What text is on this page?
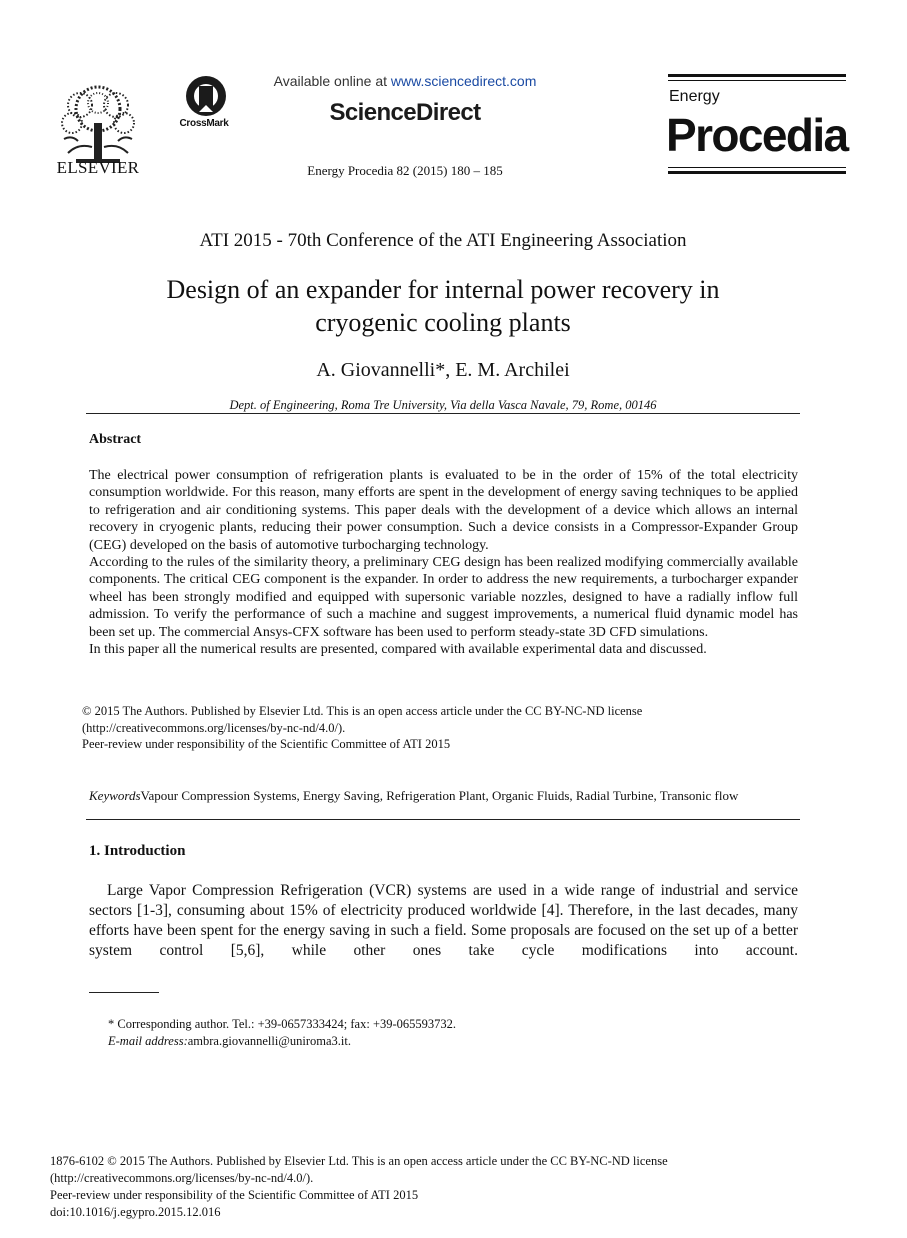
ELSEVIER
CrossMark
Available online at www.sciencedirect.com
ScienceDirect
Energy Procedia 82 (2015) 180 – 185
Energy
Procedia
ATI 2015 - 70th Conference of the ATI Engineering Association
Design of an expander for internal power recovery in
cryogenic cooling plants
A. Giovannelli*, E. M. Archilei
Dept. of Engineering, Roma Tre University, Via della Vasca Navale, 79, Rome, 00146
Abstract

The electrical power consumption of refrigeration plants is evaluated to be in the order of 15% of the total electricity consumption worldwide. For this reason, many efforts are spent in the development of energy saving techniques to be applied to refrigeration and air conditioning systems. This paper deals with the development of a device which allows an internal recovery in cryogenic plants, reducing their power consumption. Such a device consists in a Compressor-Expander Group (CEG) developed on the basis of automotive turbocharging technology.

According to the rules of the similarity theory, a preliminary CEG design has been realized modifying commercially available components. The critical CEG component is the expander. In order to address the new requirements, a turbocharger expander wheel has been strongly modified and equipped with supersonic variable nozzles, designed to have a radially inflow full admission. To verify the performance of such a machine and suggest improvements, a numerical fluid dynamic model has been set up. The commercial Ansys-CFX software has been used to perform steady-state 3D CFD simulations.

In this paper all the numerical results are presented, compared with available experimental data and discussed.

© 2015 The Authors. Published by Elsevier Ltd. This is an open access article under the CC BY-NC-ND license
(http://creativecommons.org/licenses/by-nc-nd/4.0/).
Peer-review under responsibility of the Scientific Committee of ATI 2015
KeywordsVapour Compression Systems, Energy Saving, Refrigeration Plant, Organic Fluids, Radial Turbine, Transonic flow
1. Introduction
Large Vapor Compression Refrigeration (VCR) systems are used in a wide range of industrial and service sectors [1-3], consuming about 15% of electricity produced worldwide [4]. Therefore, in the last decades, many efforts have been spent for the energy saving in such a field. Some proposals are focused on the set up of a better system control [5,6], while other ones take cycle modifications into account.
* Corresponding author. Tel.: +39-0657333424; fax: +39-065593732.
E-mail address:ambra.giovannelli@uniroma3.it.
1876-6102 © 2015 The Authors. Published by Elsevier Ltd. This is an open access article under the CC BY-NC-ND license
(http://creativecommons.org/licenses/by-nc-nd/4.0/).
Peer-review under responsibility of the Scientific Committee of ATI 2015
doi:10.1016/j.egypro.2015.12.016
